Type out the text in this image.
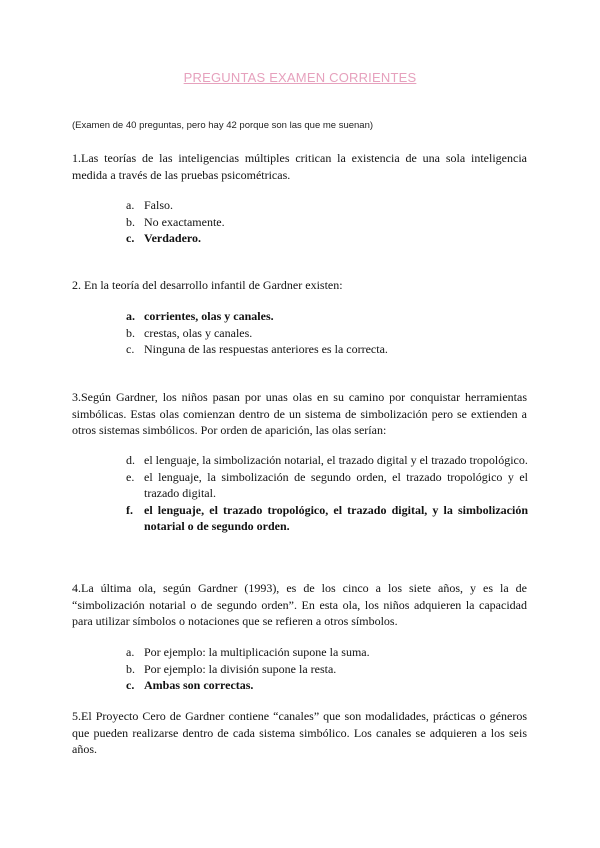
PREGUNTAS EXAMEN CORRIENTES
(Examen de 40 preguntas, pero hay 42 porque son las que me suenan)
1.Las teorías de las inteligencias múltiples critican la existencia de una sola inteligencia medida a través de las pruebas psicométricas.
a. Falso.
b. No exactamente.
c. Verdadero.
2. En la teoría del desarrollo infantil de Gardner existen:
a. corrientes, olas y canales.
b. crestas, olas y canales.
c. Ninguna de las respuestas anteriores es la correcta.
3.Según Gardner, los niños pasan por unas olas en su camino por conquistar herramientas simbólicas. Estas olas comienzan dentro de un sistema de simbolización pero se extienden a otros sistemas simbólicos. Por orden de aparición, las olas serían:
d. el lenguaje, la simbolización notarial, el trazado digital y el trazado tropológico.
e. el lenguaje, la simbolización de segundo orden, el trazado tropológico y el trazado digital.
f. el lenguaje, el trazado tropológico, el trazado digital, y la simbolización notarial o de segundo orden.
4.La última ola, según Gardner (1993), es de los cinco a los siete años, y es la de “simbolización notarial o de segundo orden”. En esta ola, los niños adquieren la capacidad para utilizar símbolos o notaciones que se refieren a otros símbolos.
a. Por ejemplo: la multiplicación supone la suma.
b. Por ejemplo: la división supone la resta.
c. Ambas son correctas.
5.El Proyecto Cero de Gardner contiene “canales” que son modalidades, prácticas o géneros que pueden realizarse dentro de cada sistema simbólico. Los canales se adquieren a los seis años.
